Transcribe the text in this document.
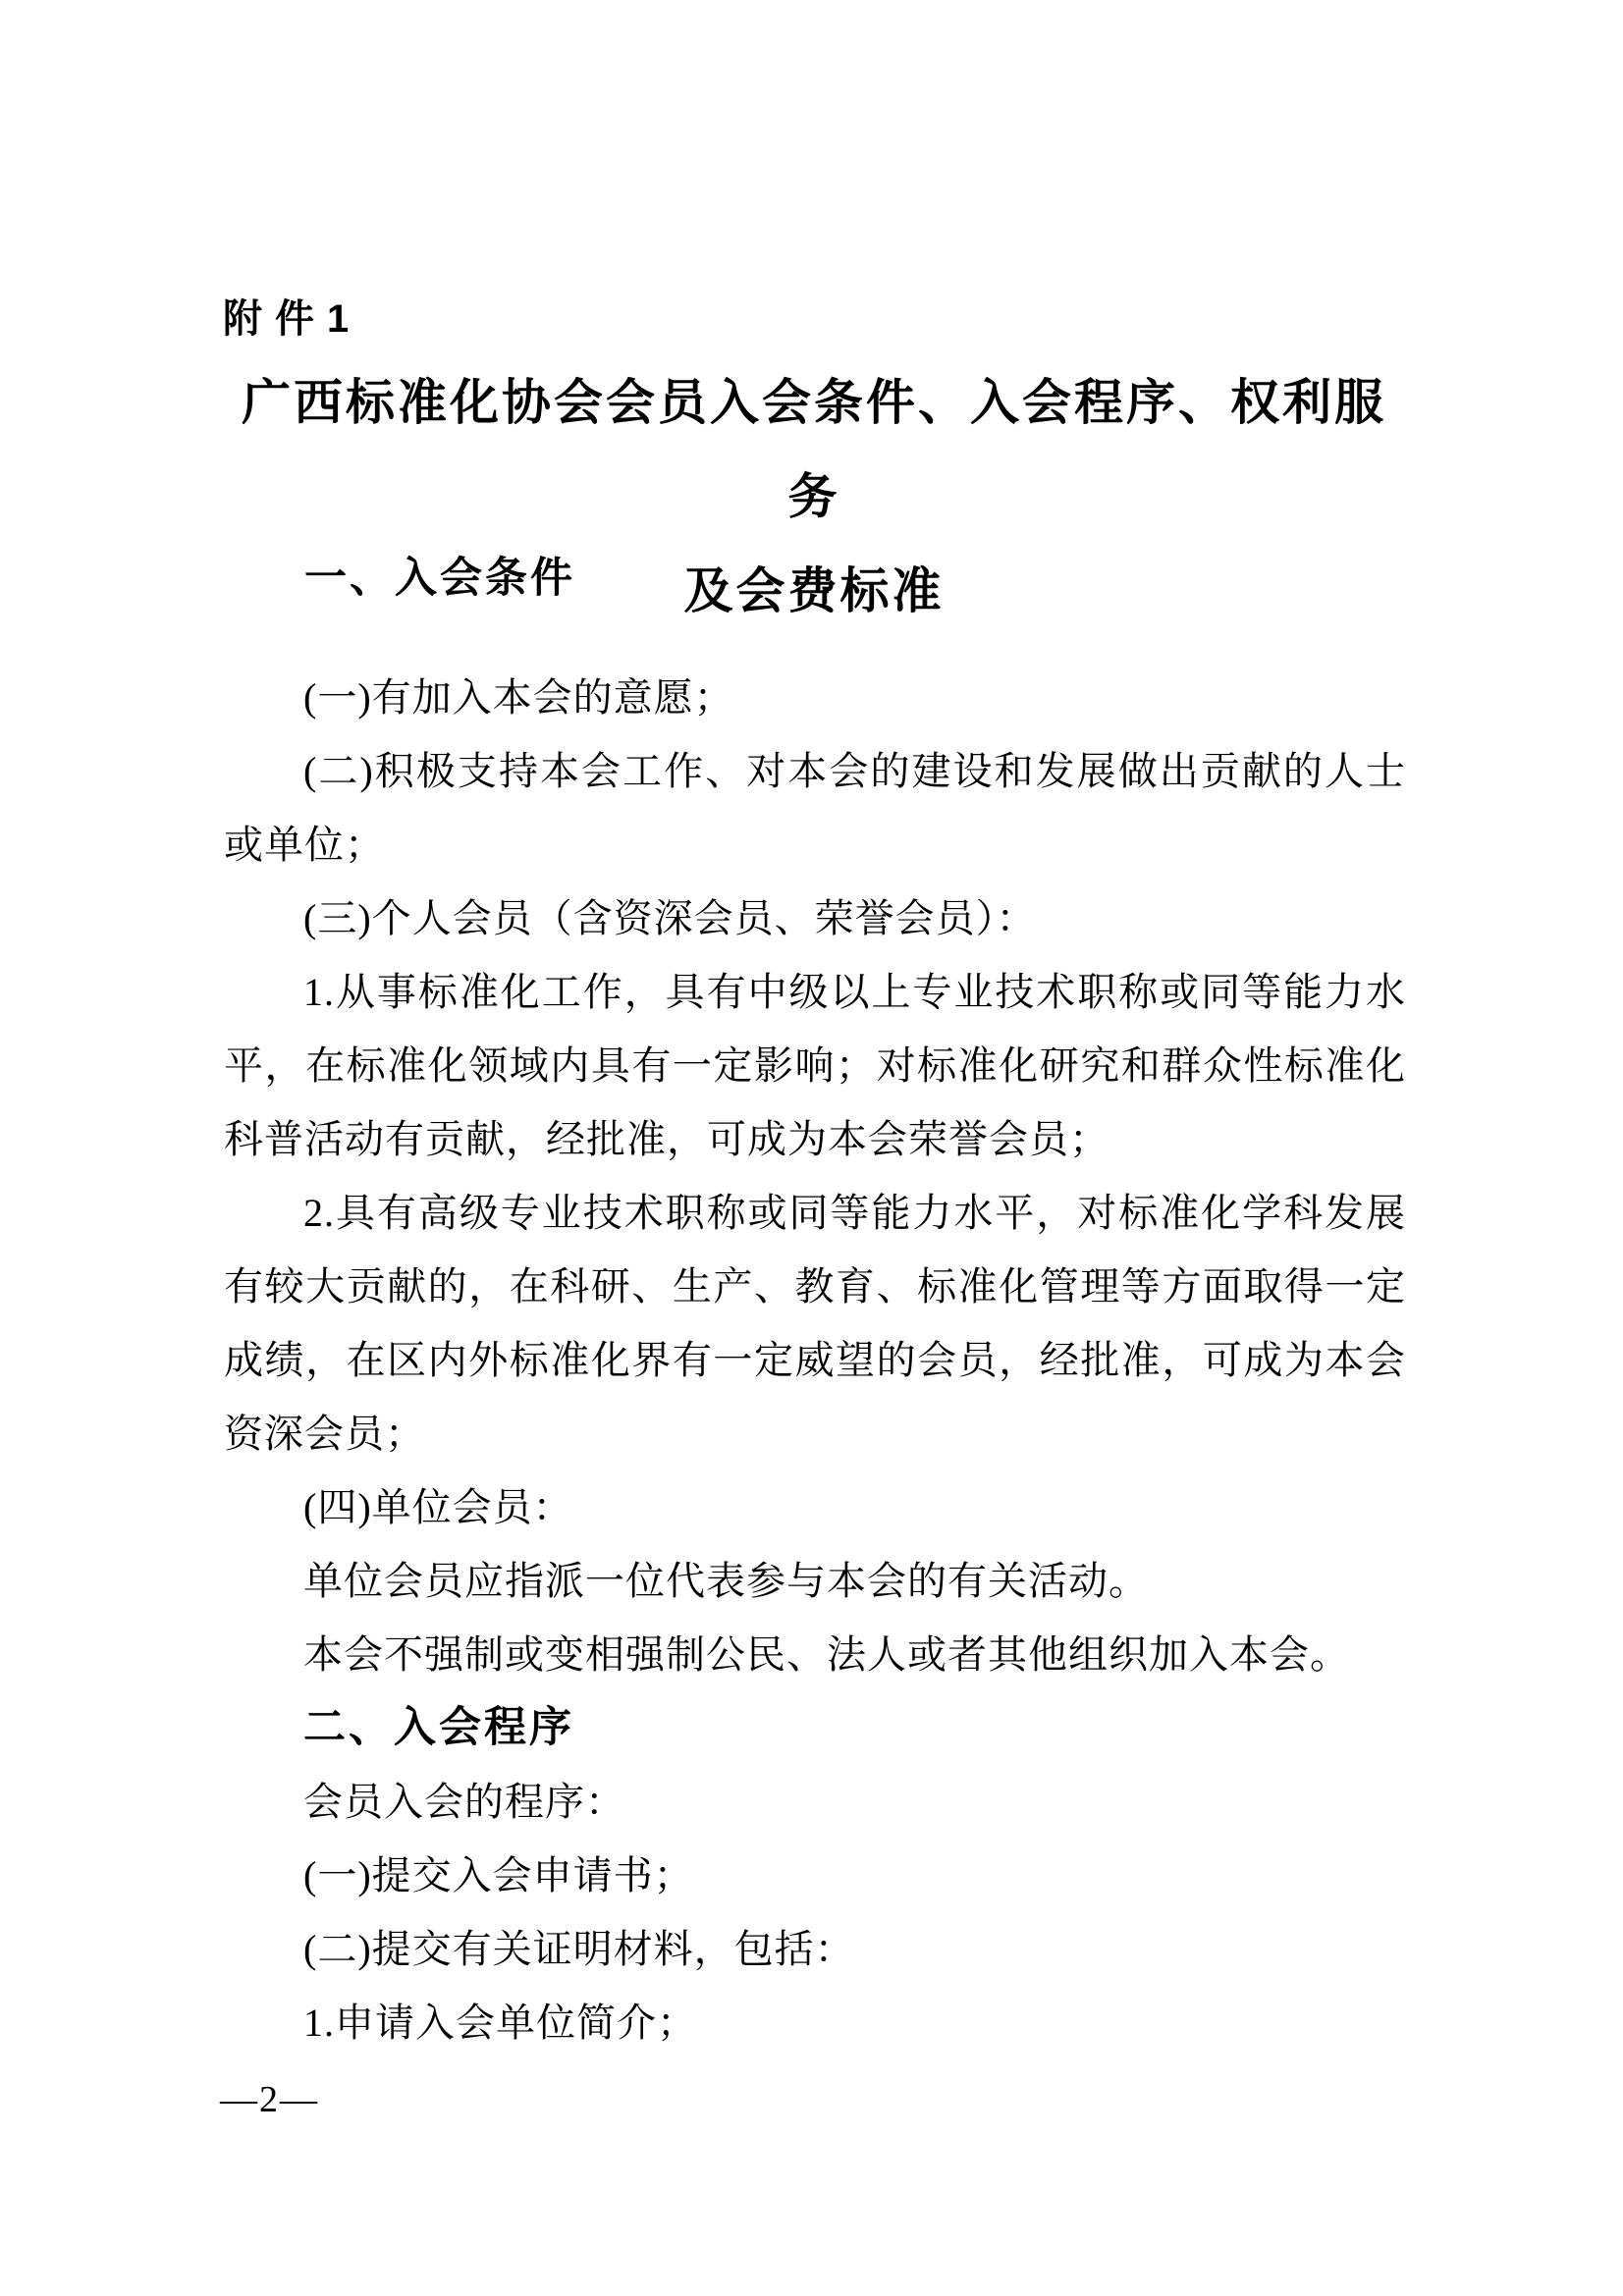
附件1
广西标准化协会会员入会条件、入会程序、权利服务
及会费标准
一、入会条件
(一)有加入本会的意愿；
(二)积极支持本会工作、对本会的建设和发展做出贡献的人士
或单位；
(三)个人会员（含资深会员、荣誉会员）：
1.从事标准化工作，具有中级以上专业技术职称或同等能力水
平，在标准化领域内具有一定影响；对标准化研究和群众性标准化
科普活动有贡献，经批准，可成为本会荣誉会员；
2.具有高级专业技术职称或同等能力水平，对标准化学科发展
有较大贡献的，在科研、生产、教育、标准化管理等方面取得一定
成绩，在区内外标准化界有一定威望的会员，经批准，可成为本会
资深会员；
(四)单位会员：
单位会员应指派一位代表参与本会的有关活动。
本会不强制或变相强制公民、法人或者其他组织加入本会。
二、入会程序
会员入会的程序：
(一)提交入会申请书；
(二)提交有关证明材料，包括：
1.申请入会单位简介；
—2—
